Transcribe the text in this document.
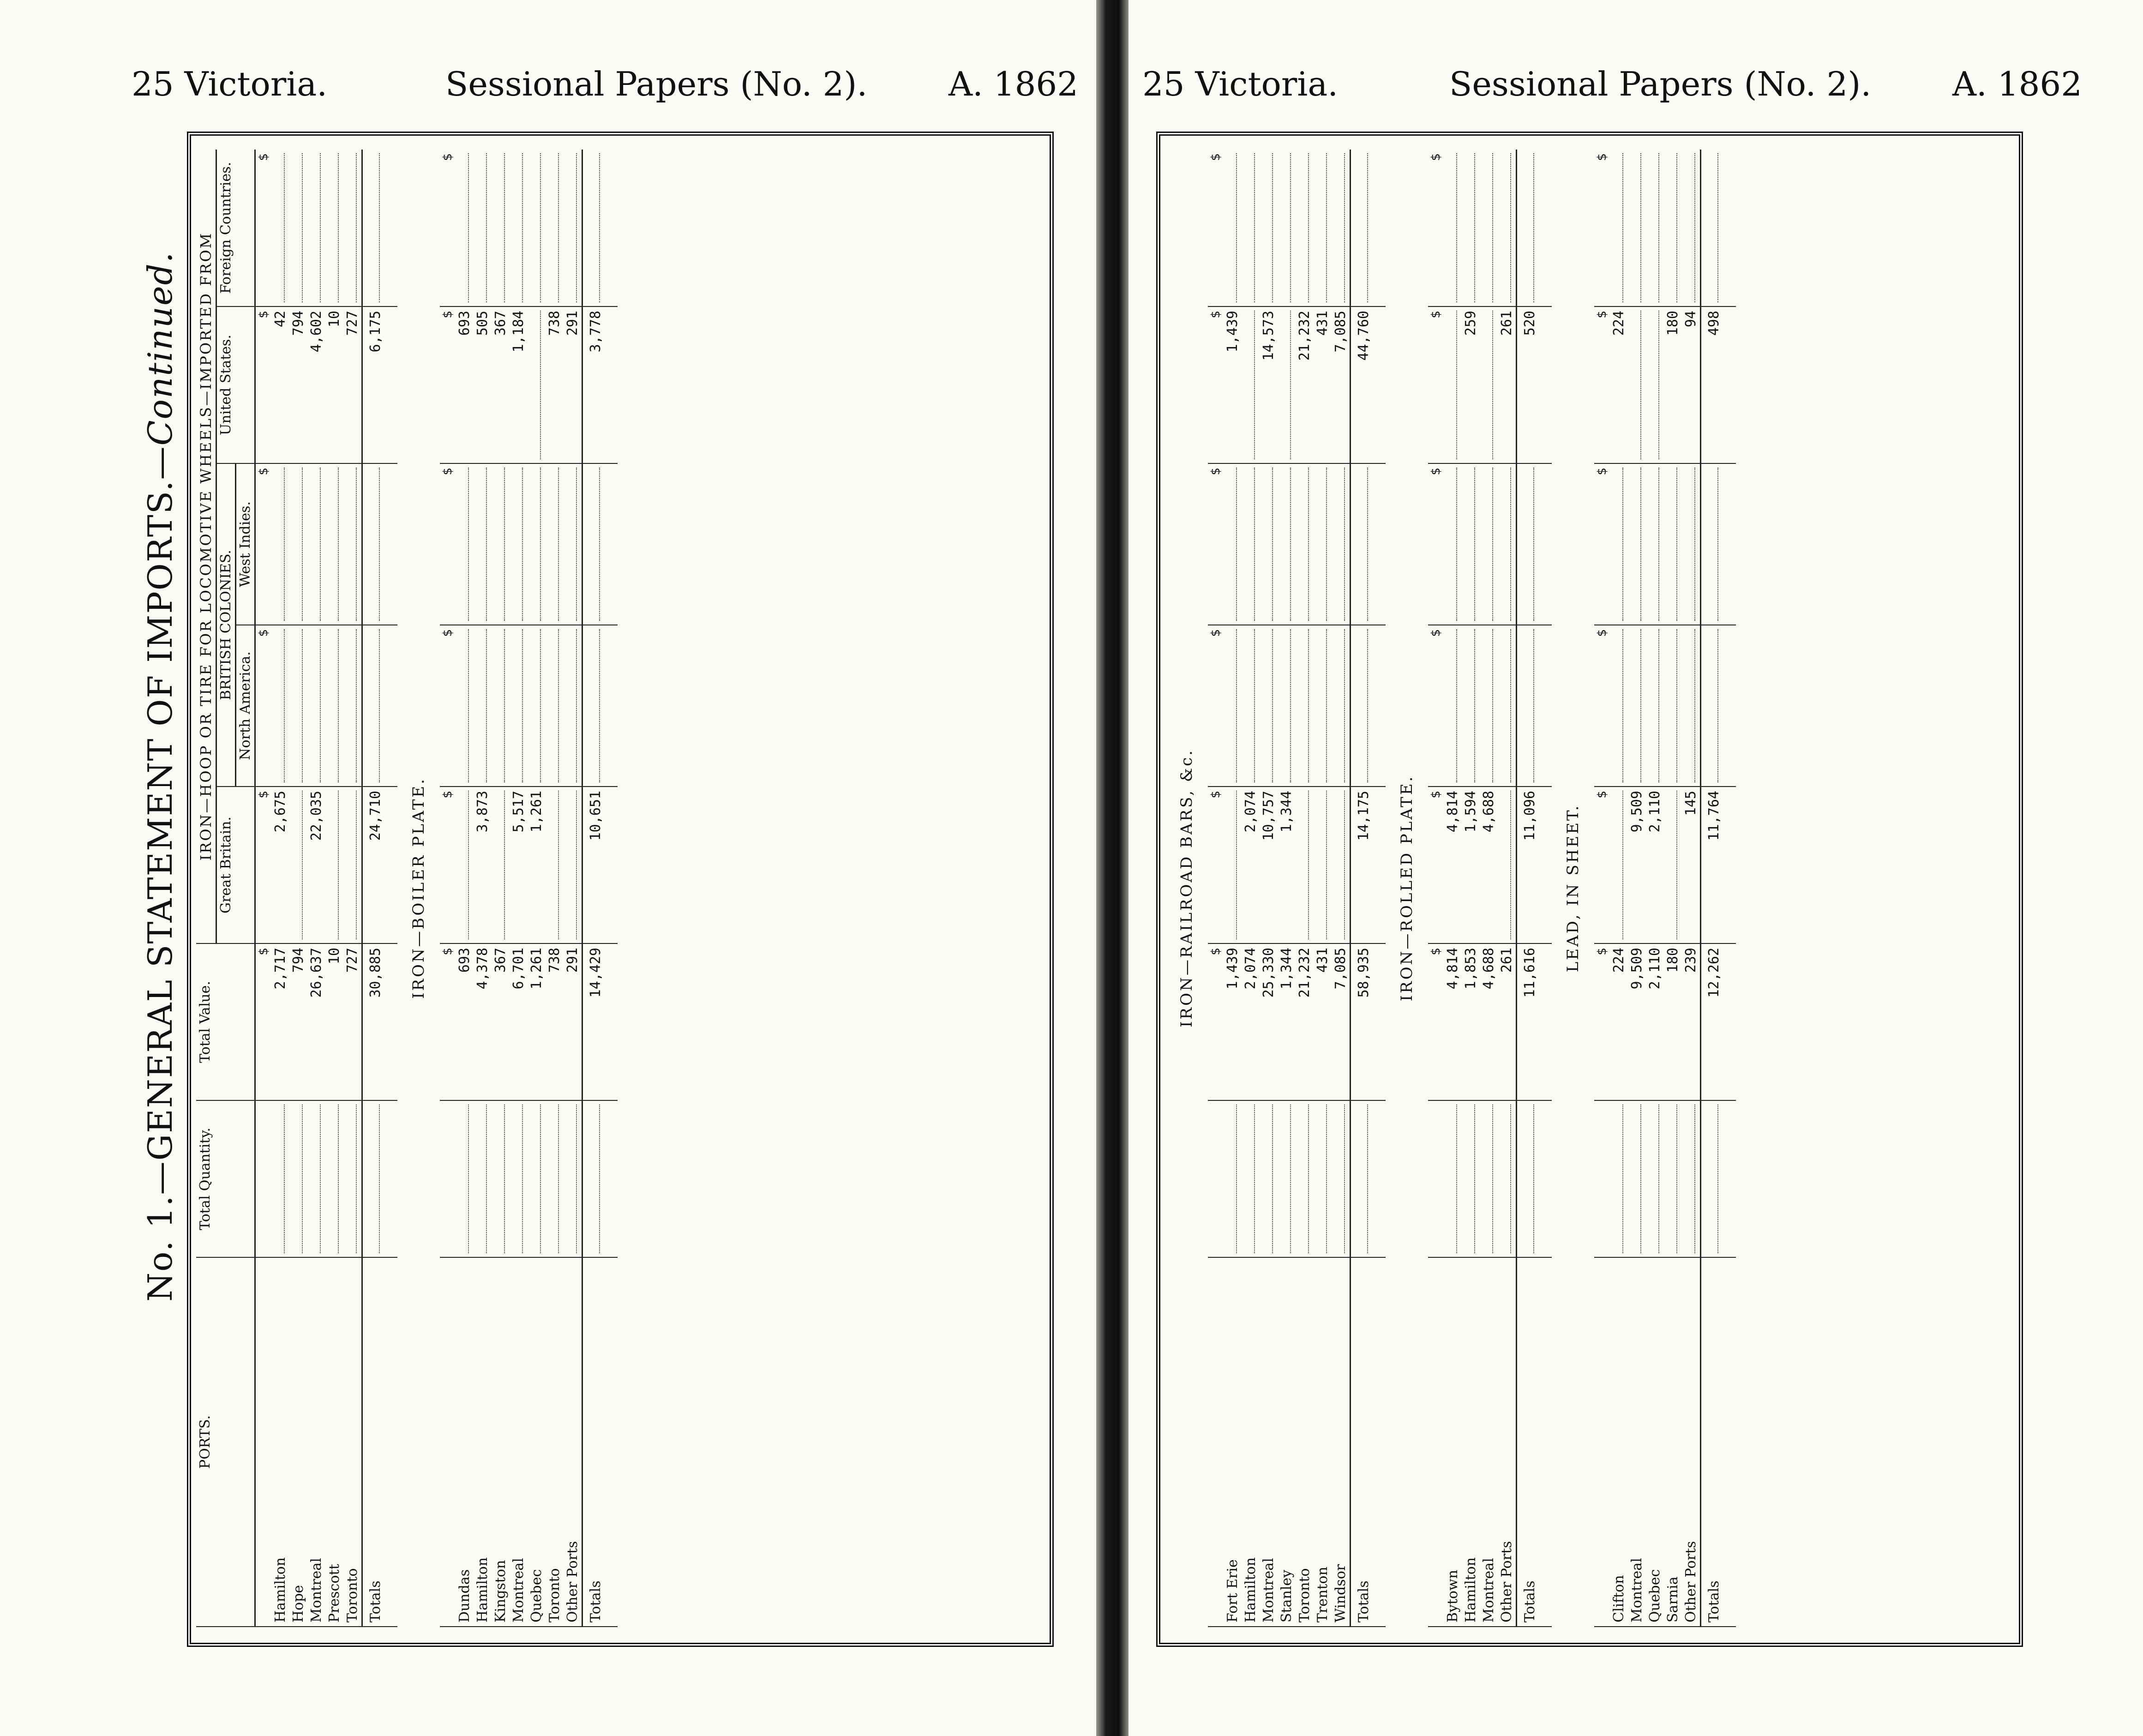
25 Victoria.	Sessional Papers (No. 2). A. 1862 25 Victoria.	Sessional Papers (No. 2). A. 1862
No. 1.—GENERAL STATEMENT OF IMPORTS.—Continued.
PORTS.	Total Quantity.	Total Value.	IRON—HOOP OR TIRE FOR LOCOMOTIVE WHEELS—IMPORTED FROM				
			Great Britain.	BRITISH COLONIES.		United States.	Foreign Countries.
				North America.	West Indies.		
		$	$	$	$	$	$
Hamilton		2,717	2,675			42	
Hope		794				794	
Montreal		26,637	22,035			4,602	
Prescott		10				10	
Toronto		727				727	
Totals		30,885	24,710			6,175	
IRON—BOILER PLATE.							
		$	$	$	$	$	$
Dundas		693				693	
Hamilton		4,378	3,873			505	
Kingston		367				367	
Montreal		6,701	5,517			1,184	
Quebec		1,261	1,261				
Toronto		738				738	
Other Ports		291				291	
Totals		14,429	10,651			3,778	
IRON—RAILROAD BARS, &c.							
		$	$	$	$	$	$
Fort Erie		1,439				1,439	
Hamilton		2,074	2,074				
Montreal		25,330	10,757			14,573	
Stanley		1,344	1,344				
Toronto		21,232				21,232	
Trenton		431				431	
Windsor		7,085				7,085	
Totals		58,935	14,175			44,760	
IRON—ROLLED PLATE.							
		$	$	$	$	$	$
Bytown		4,814	4,814				
Hamilton		1,853	1,594			259	
Montreal		4,688	4,688				
Other Ports		261				261	
Totals		11,616	11,096			520	
LEAD, IN SHEET.							
		$	$	$	$	$	$
Clifton		224				224	
Montreal		9,509	9,509				
Quebec		2,110	2,110				
Sarnia		180				180	
Other Ports		239	145			94	
Totals		12,262	11,764			498	
